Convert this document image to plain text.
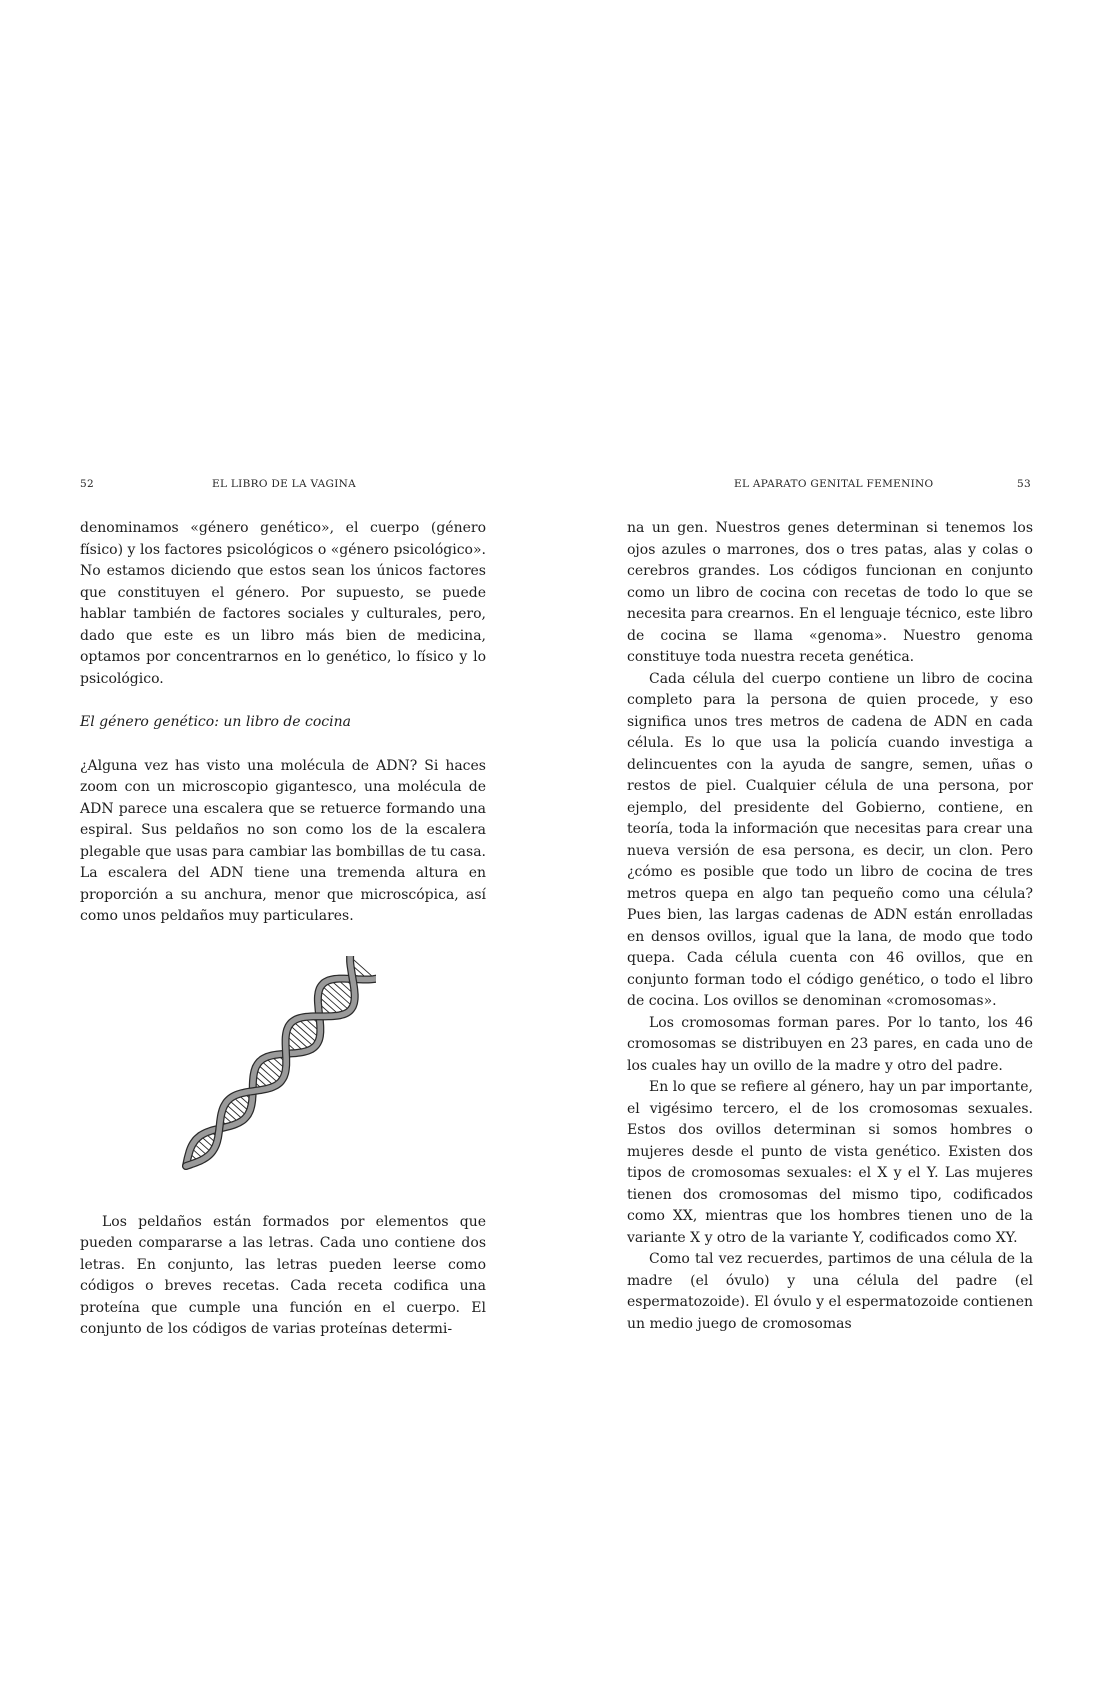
52	EL LIBRO DE LA VAGINA

denominamos «género genético», el cuerpo (género físico) y los factores psicológicos o «género psicológico». No estamos diciendo que estos sean los únicos factores que constituyen el género. Por supuesto, se puede hablar también de factores sociales y culturales, pero, dado que este es un libro más bien de medicina, optamos por concentrarnos en lo genético, lo físico y lo psicológico.

El género genético: un libro de cocina

¿Alguna vez has visto una molécula de ADN? Si haces zoom con un microscopio gigantesco, una molécula de ADN parece una escalera que se retuerce formando una espiral. Sus peldaños no son como los de la escalera plegable que usas para cambiar las bombillas de tu casa. La escalera del ADN tiene una tremenda altura en proporción a su anchura, menor que microscópica, así como unos peldaños muy particulares.

Los peldaños están formados por elementos que pueden compararse a las letras. Cada uno contiene dos letras. En conjunto, las letras pueden leerse como códigos o breves recetas. Cada receta codifica una proteína que cumple una función en el cuerpo. El conjunto de los códigos de varias proteínas determi-

EL APARATO GENITAL FEMENINO	53

na un gen. Nuestros genes determinan si tenemos los ojos azules o marrones, dos o tres patas, alas y colas o cerebros grandes. Los códigos funcionan en conjunto como un libro de cocina con recetas de todo lo que se necesita para crearnos. En el lenguaje técnico, este libro de cocina se llama «genoma». Nuestro genoma constituye toda nuestra receta genética.

Cada célula del cuerpo contiene un libro de cocina completo para la persona de quien procede, y eso significa unos tres metros de cadena de ADN en cada célula. Es lo que usa la policía cuando investiga a delincuentes con la ayuda de sangre, semen, uñas o restos de piel. Cualquier célula de una persona, por ejemplo, del presidente del Gobierno, contiene, en teoría, toda la información que necesitas para crear una nueva versión de esa persona, es decir, un clon. Pero ¿cómo es posible que todo un libro de cocina de tres metros quepa en algo tan pequeño como una célula? Pues bien, las largas cadenas de ADN están enrolladas en densos ovillos, igual que la lana, de modo que todo quepa. Cada célula cuenta con 46 ovillos, que en conjunto forman todo el código genético, o todo el libro de cocina. Los ovillos se denominan «cromosomas».

Los cromosomas forman pares. Por lo tanto, los 46 cromosomas se distribuyen en 23 pares, en cada uno de los cuales hay un ovillo de la madre y otro del padre.

En lo que se refiere al género, hay un par importante, el vigésimo tercero, el de los cromosomas sexuales. Estos dos ovillos determinan si somos hombres o mujeres desde el punto de vista genético. Existen dos tipos de cromosomas sexuales: el X y el Y. Las mujeres tienen dos cromosomas del mismo tipo, codificados como XX, mientras que los hombres tienen uno de la variante X y otro de la variante Y, codificados como XY.

Como tal vez recuerdes, partimos de una célula de la madre (el óvulo) y una célula del padre (el espermatozoide). El óvulo y el espermatozoide contienen un medio juego de cromosomas
